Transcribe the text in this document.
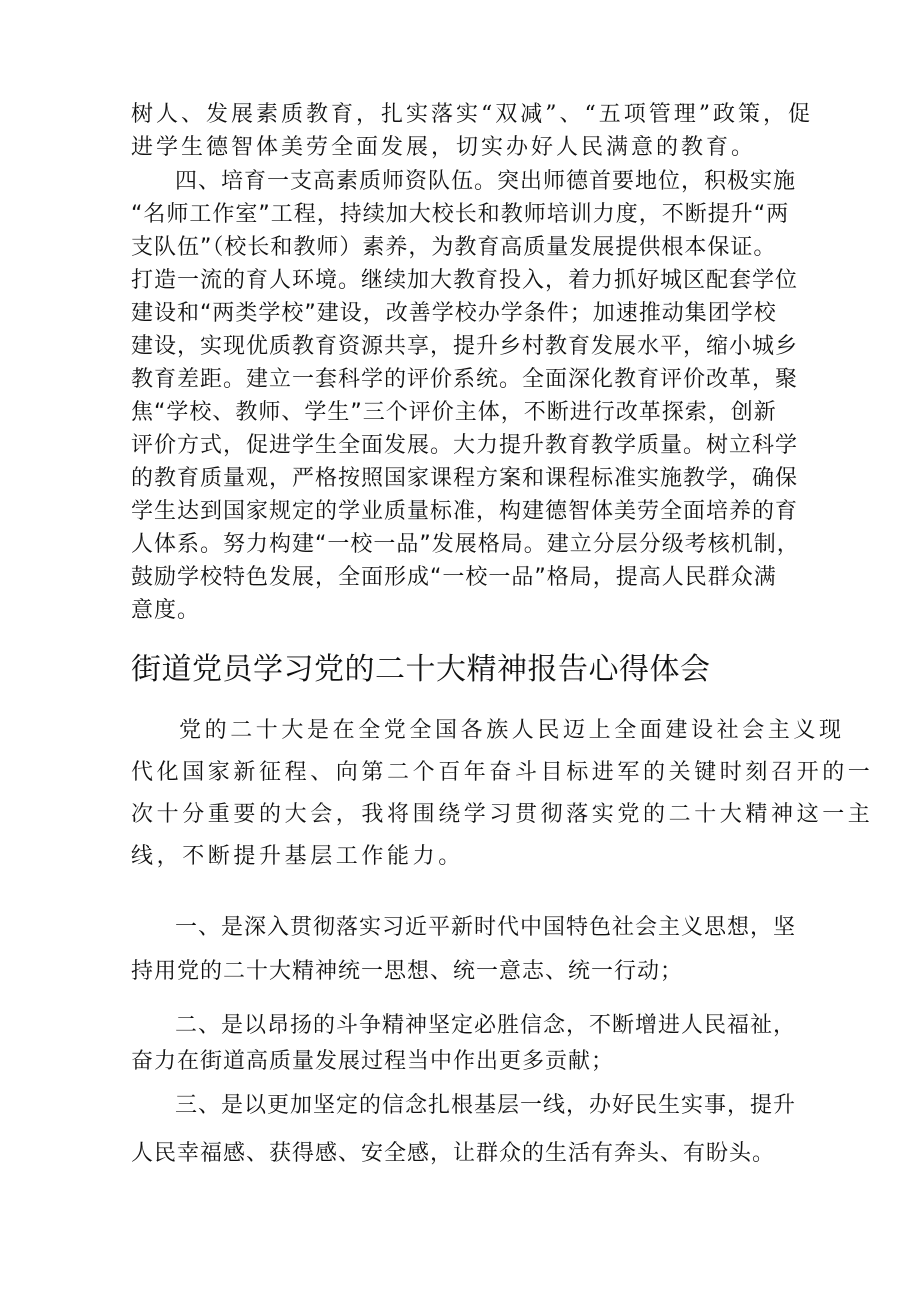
树人、发展素质教育，扎实落实“双减”、“五项管理”政策，促
进学生德智体美劳全面发展，切实办好人民满意的教育。

四、培育一支高素质师资队伍。突出师德首要地位，积极实施
“名师工作室”工程，持续加大校长和教师培训力度，不断提升“两
支队伍”（校长和教师）素养，为教育高质量发展提供根本保证。
打造一流的育人环境。继续加大教育投入，着力抓好城区配套学位
建设和“两类学校”建设，改善学校办学条件；加速推动集团学校
建设，实现优质教育资源共享，提升乡村教育发展水平，缩小城乡
教育差距。建立一套科学的评价系统。全面深化教育评价改革，聚
焦“学校、教师、学生”三个评价主体，不断进行改革探索，创新
评价方式，促进学生全面发展。大力提升教育教学质量。树立科学
的教育质量观，严格按照国家课程方案和课程标准实施教学，确保
学生达到国家规定的学业质量标准，构建德智体美劳全面培养的育
人体系。努力构建“一校一品”发展格局。建立分层分级考核机制，
鼓励学校特色发展，全面形成“一校一品”格局，提高人民群众满
意度。

街道党员学习党的二十大精神报告心得体会

党的二十大是在全党全国各族人民迈上全面建设社会主义现
代化国家新征程、向第二个百年奋斗目标进军的关键时刻召开的一
次十分重要的大会，我将围绕学习贯彻落实党的二十大精神这一主
线，不断提升基层工作能力。

一、是深入贯彻落实习近平新时代中国特色社会主义思想，坚
持用党的二十大精神统一思想、统一意志、统一行动；

二、是以昂扬的斗争精神坚定必胜信念，不断增进人民福祉，
奋力在街道高质量发展过程当中作出更多贡献；

三、是以更加坚定的信念扎根基层一线，办好民生实事，提升
人民幸福感、获得感、安全感，让群众的生活有奔头、有盼头。
